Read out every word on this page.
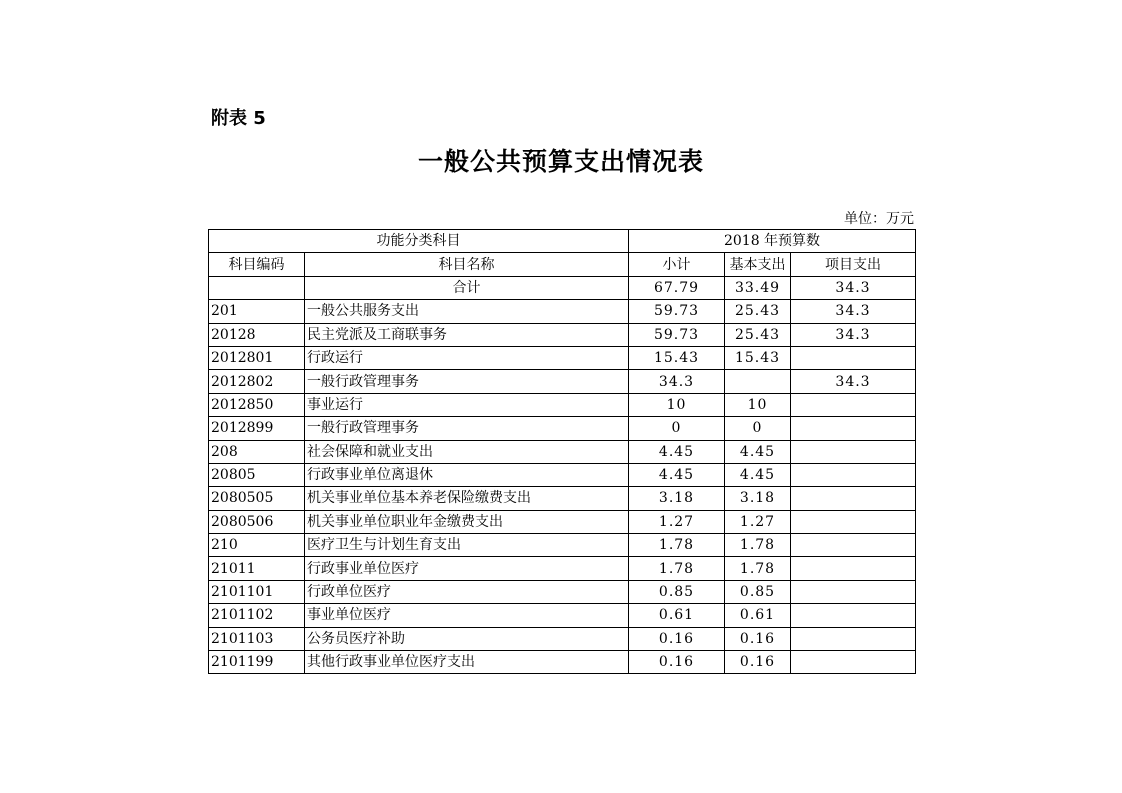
附表 5
一般公共预算支出情况表
单位：万元
功能分类科目		2018 年预算数		
科目编码	科目名称	小计	基本支出	项目支出
	合计	67.79	33.49	34.3
201	一般公共服务支出	59.73	25.43	34.3
20128	民主党派及工商联事务	59.73	25.43	34.3
2012801	行政运行	15.43	15.43	
2012802	一般行政管理事务	34.3		34.3
2012850	事业运行	10	10	
2012899	一般行政管理事务	0	0	
208	社会保障和就业支出	4.45	4.45	
20805	行政事业单位离退休	4.45	4.45	
2080505	机关事业单位基本养老保险缴费支出	3.18	3.18	
2080506	机关事业单位职业年金缴费支出	1.27	1.27	
210	医疗卫生与计划生育支出	1.78	1.78	
21011	行政事业单位医疗	1.78	1.78	
2101101	行政单位医疗	0.85	0.85	
2101102	事业单位医疗	0.61	0.61	
2101103	公务员医疗补助	0.16	0.16	
2101199	其他行政事业单位医疗支出	0.16	0.16	
